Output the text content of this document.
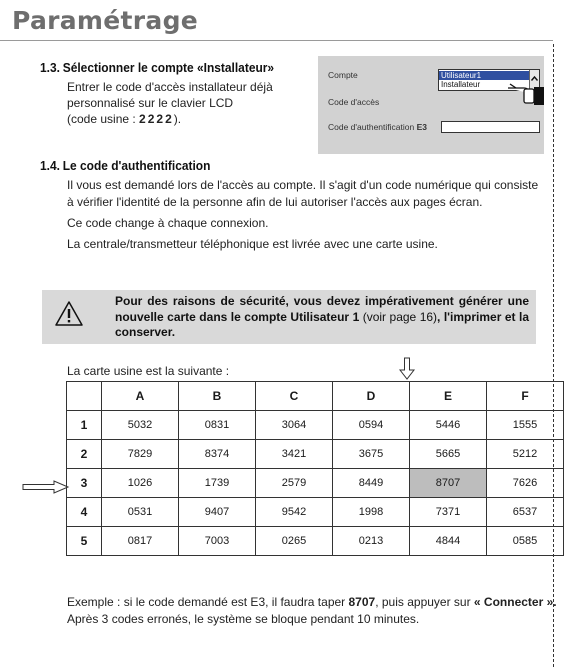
Paramétrage
1.3. Sélectionner le compte «Installateur»
Entrer le code d'accès installateur déjà
personnalisé sur le clavier LCD
(code usine : 2222).
Compte	Utilisateur1
Installateur
Code d'accès
Code d'authentification E3
1.4. Le code d'authentification
Il vous est demandé lors de l'accès au compte. Il s'agit d'un code numérique qui consiste
à vérifier l'identité de la personne afin de lui autoriser l'accès aux pages écran.
Ce code change à chaque connexion.
La centrale/transmetteur téléphonique est livrée avec une carte usine.
Pour des raisons de sécurité, vous devez impérativement générer une nouvelle carte dans le compte Utilisateur 1 (voir page 16), l'imprimer et la conserver.
La carte usine est la suivante :
	A	B	C	D	E	F
1	5032	0831	3064	0594	5446	1555
2	7829	8374	3421	3675	5665	5212
3	1026	1739	2579	8449	8707	7626
4	0531	9407	9542	1998	7371	6537
5	0817	7003	0265	0213	4844	0585
Exemple : si le code demandé est E3, il faudra taper 8707, puis appuyer sur « Connecter ».
Après 3 codes erronés, le système se bloque pendant 10 minutes.
